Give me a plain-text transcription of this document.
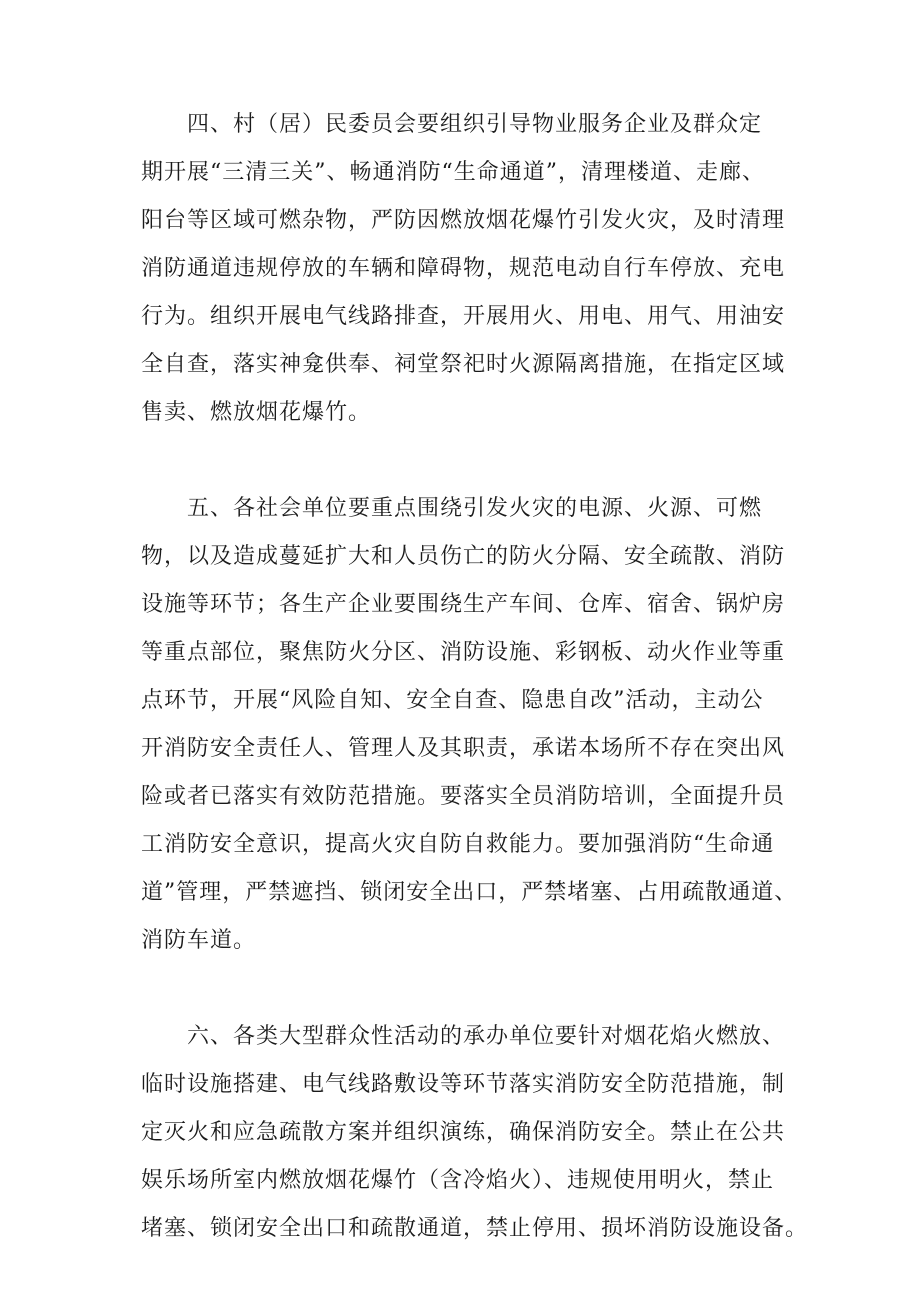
四、村（居）民委员会要组织引导物业服务企业及群众定
期开展“三清三关”、畅通消防“生命通道”，清理楼道、走廊、
阳台等区域可燃杂物，严防因燃放烟花爆竹引发火灾，及时清理
消防通道违规停放的车辆和障碍物，规范电动自行车停放、充电
行为。组织开展电气线路排查，开展用火、用电、用气、用油安
全自查，落实神龛供奉、祠堂祭祀时火源隔离措施，在指定区域
售卖、燃放烟花爆竹。
五、各社会单位要重点围绕引发火灾的电源、火源、可燃
物，以及造成蔓延扩大和人员伤亡的防火分隔、安全疏散、消防
设施等环节；各生产企业要围绕生产车间、仓库、宿舍、锅炉房
等重点部位，聚焦防火分区、消防设施、彩钢板、动火作业等重
点环节，开展“风险自知、安全自查、隐患自改”活动，主动公
开消防安全责任人、管理人及其职责，承诺本场所不存在突出风
险或者已落实有效防范措施。要落实全员消防培训，全面提升员
工消防安全意识，提高火灾自防自救能力。要加强消防“生命通
道”管理，严禁遮挡、锁闭安全出口，严禁堵塞、占用疏散通道、
消防车道。
六、各类大型群众性活动的承办单位要针对烟花焰火燃放、
临时设施搭建、电气线路敷设等环节落实消防安全防范措施，制
定灭火和应急疏散方案并组织演练，确保消防安全。禁止在公共
娱乐场所室内燃放烟花爆竹（含冷焰火）、违规使用明火，禁止
堵塞、锁闭安全出口和疏散通道，禁止停用、损坏消防设施设备。
